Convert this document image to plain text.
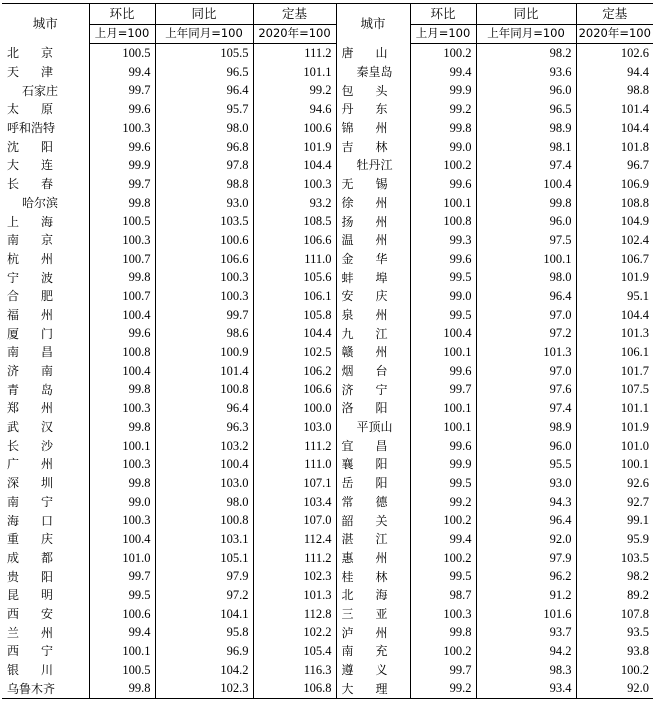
城市	环比	同比	定基	城市	环比	同比	定基
	上月=100	上年同月=100	2020年=100		上月=100	上年同月=100	2020年=100
北京	100.5	105.5	111.2	唐山	100.2	98.2	102.6
天津	99.4	96.5	101.1	秦皇岛	99.4	93.6	94.4
石家庄	99.7	96.4	99.2	包头	99.9	96.0	98.8
太原	99.6	95.7	94.6	丹东	99.2	96.5	101.4
呼和浩特	100.3	98.0	100.6	锦州	99.8	98.9	104.4
沈阳	99.6	96.8	101.9	吉林	99.0	98.1	101.8
大连	99.9	97.8	104.4	牡丹江	100.2	97.4	96.7
长春	99.7	98.8	100.3	无锡	99.6	100.4	106.9
哈尔滨	99.8	93.0	93.2	徐州	100.1	99.8	108.8
上海	100.5	103.5	108.5	扬州	100.8	96.0	104.9
南京	100.3	100.6	106.6	温州	99.3	97.5	102.4
杭州	100.7	106.6	111.0	金华	99.6	100.1	106.7
宁波	99.8	100.3	105.6	蚌埠	99.5	98.0	101.9
合肥	100.7	100.3	106.1	安庆	99.0	96.4	95.1
福州	100.4	99.7	105.8	泉州	99.5	97.0	104.4
厦门	99.6	98.6	104.4	九江	100.4	97.2	101.3
南昌	100.8	100.9	102.5	赣州	100.1	101.3	106.1
济南	100.4	101.4	106.2	烟台	99.6	97.0	101.7
青岛	99.8	100.8	106.6	济宁	99.7	97.6	107.5
郑州	100.3	96.4	100.0	洛阳	100.1	97.4	101.1
武汉	99.8	96.3	103.0	平顶山	100.1	98.9	101.9
长沙	100.1	103.2	111.2	宜昌	99.6	96.0	101.0
广州	100.3	100.4	111.0	襄阳	99.9	95.5	100.1
深圳	99.8	103.0	107.1	岳阳	99.5	93.0	92.6
南宁	99.0	98.0	103.4	常德	99.2	94.3	92.7
海口	100.3	100.8	107.0	韶关	100.2	96.4	99.1
重庆	100.4	103.1	112.4	湛江	99.4	92.0	95.9
成都	101.0	105.1	111.2	惠州	100.2	97.9	103.5
贵阳	99.7	97.9	102.3	桂林	99.5	96.2	98.2
昆明	99.5	97.2	101.3	北海	98.7	91.2	89.2
西安	100.6	104.1	112.8	三亚	100.3	101.6	107.8
兰州	99.4	95.8	102.2	泸州	99.8	93.7	93.5
西宁	100.1	96.9	105.4	南充	100.2	94.2	93.8
银川	100.5	104.2	116.3	遵义	99.7	98.3	100.2
乌鲁木齐	99.8	102.3	106.8	大理	99.2	93.4	92.0
